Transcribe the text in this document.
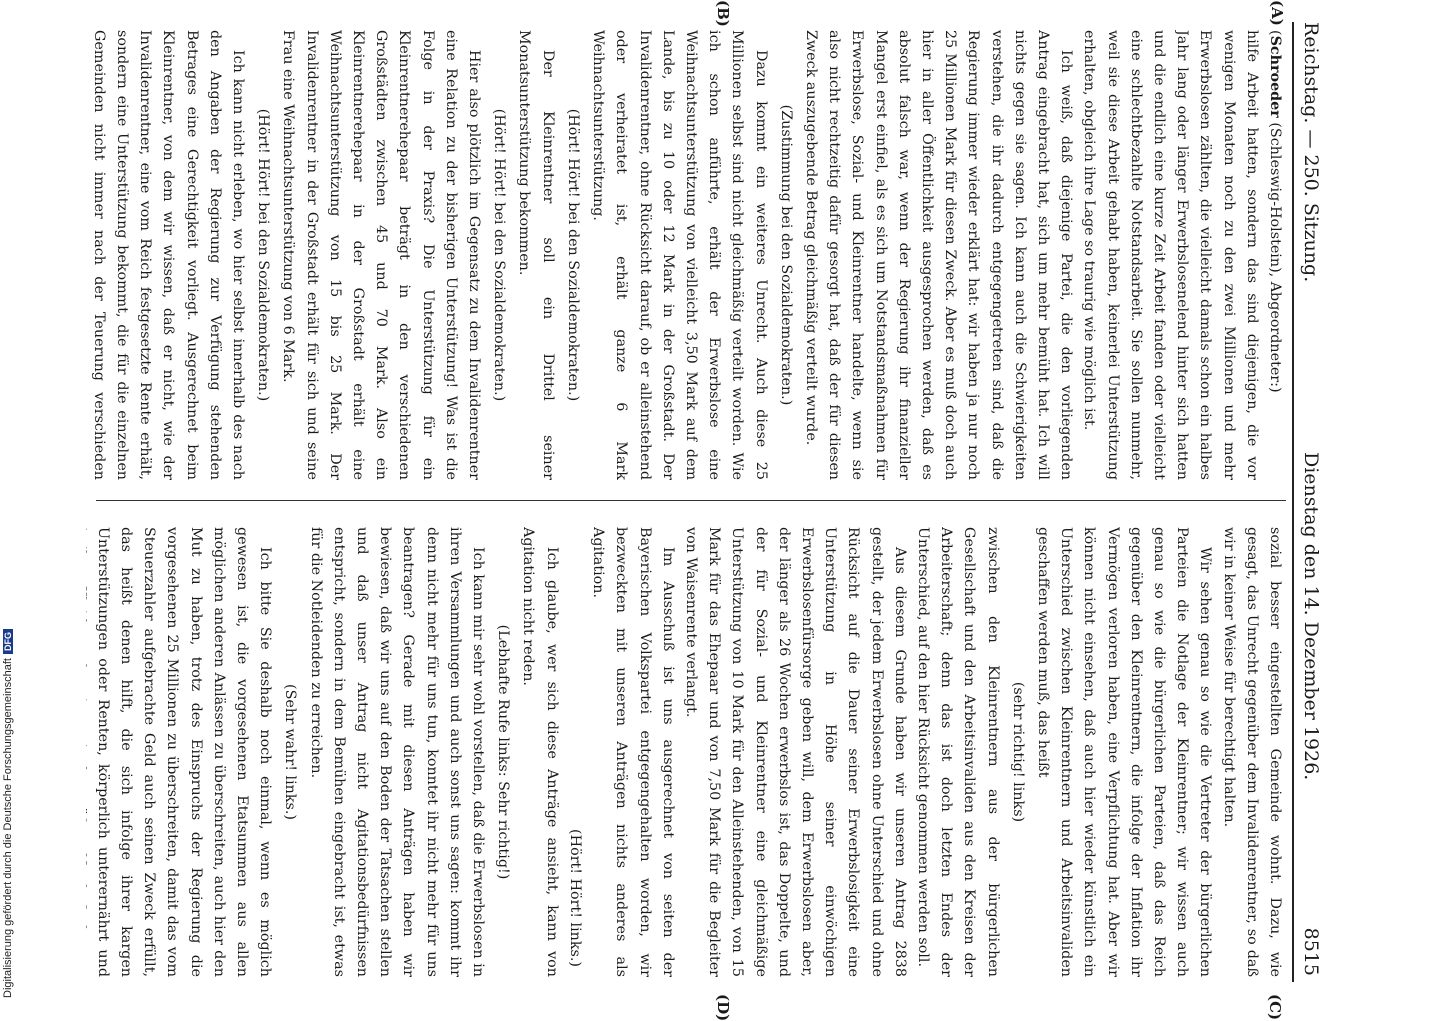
Reichstag. — 250. Sitzung.
Dienstag den 14. Dezember 1926.
8515
(A)
(B)
(C)
(D)

(Schroeder (Schleswig-Holstein), Abgeordneter:)

hilfe Arbeit hatten, sondern das sind diejenigen, die vor wenigen Monaten noch zu den zwei Millionen und mehr Erwerbslosen zählten, die vielleicht damals schon ein halbes Jahr lang oder länger Erwerbslosenelend hinter sich hatten und die endlich eine kurze Zeit Arbeit fanden oder vielleicht eine schlechtbezahlte Notstandsarbeit. Sie sollen nunmehr, weil sie diese Arbeit gehabt haben, keinerlei Unterstützung erhalten, obgleich ihre Lage so traurig wie möglich ist.

Ich weiß, daß diejenige Partei, die den vorliegenden Antrag eingebracht hat, sich um mehr bemüht hat. Ich will nichts gegen sie sagen. Ich kann auch die Schwierigkeiten verstehen, die ihr dadurch entgegengetreten sind, daß die Regierung immer wieder erklärt hat: wir haben ja nur noch 25 Millionen Mark für diesen Zweck. Aber es muß doch auch hier in aller Öffentlichkeit ausgesprochen werden, daß es absolut falsch war, wenn der Regierung ihr finanzieller Mangel erst einfiel, als es sich um Notstandsmaßnahmen für Erwerbslose, Sozial- und Kleinrentner handelte, wenn sie also nicht rechtzeitig dafür gesorgt hat, daß der für diesen Zweck auszugebende Betrag gleichmäßig verteilt wurde.

(Zustimmung bei den Sozialdemokraten.)

Dazu kommt ein weiteres Unrecht. Auch diese 25 Millionen selbst sind nicht gleichmäßig verteilt worden. Wie ich schon anführte, erhält der Erwerbslose eine Weihnachtsunterstützung von vielleicht 3,50 Mark auf dem Lande, bis zu 10 oder 12 Mark in der Großstadt. Der Invalidenrentner, ohne Rücksicht darauf, ob er alleinstehend oder verheiratet ist, erhält ganze 6 Mark Weihnachtsunterstützung.

(Hört! Hört! bei den Sozialdemokraten.)

Der Kleinrentner soll ein Drittel seiner Monatsunterstützung bekommen.

(Hört! Hört! bei den Sozialdemokraten.)

Hier also plötzlich im Gegensatz zu dem Invalidenrentner eine Relation zu der bisherigen Unterstützung! Was ist die Folge in der Praxis? Die Unterstützung für ein Kleinrentnerehepaar beträgt in den verschiedenen Großstädten zwischen 45 und 70 Mark. Also ein Kleinrentnerehepaar in der Großstadt erhält eine Weihnachtsunterstützung von 15 bis 25 Mark. Der Invalidenrentner in der Großstadt erhält für sich und seine Frau eine Weihnachtsunterstützung von 6 Mark.

(Hört! Hört! bei den Sozialdemokraten.)

Ich kann nicht erleben, wo hier selbst innerhalb des nach den Angaben der Regierung zur Verfügung stehenden Betrages eine Gerechtigkeit vorliegt. Ausgerechnet beim Kleinrentner, von dem wir wissen, daß er nicht, wie der Invalidenrentner, eine vom Reich festgesetzte Rente erhält, sondern eine Unterstützung bekommt, die für die einzelnen Gemeinden nicht immer nach der Teuerung verschieden

sozial besser eingestellten Gemeinde wohnt. Dazu, wie gesagt, das Unrecht gegenüber dem Invalidenrentner, so daß wir in keiner Weise für berechtigt halten.

Wir sehen genau so wie die Vertreter der bürgerlichen Parteien die Notlage der Kleinrentner; wir wissen auch genau so wie die bürgerlichen Parteien, daß das Reich gegenüber den Kleinrentnern, die infolge der Inflation ihr Vermögen verloren haben, eine Verpflichtung hat. Aber wir können nicht einsehen, daß auch hier wieder künstlich ein Unterschied zwischen Kleinrentnern und Arbeitsinvaliden geschaffen werden muß, das heißt

(sehr richtig! links)

zwischen den Kleinrentnern aus der bürgerlichen Gesellschaft und den Arbeitsinvaliden aus den Kreisen der Arbeiterschaft; denn das ist doch letzten Endes der Unterschied, auf den hier Rücksicht genommen werden soll.

Aus diesem Grunde haben wir unseren Antrag 2838 gestellt, der jedem Erwerbslosen ohne Unterschied und ohne Rücksicht auf die Dauer seiner Erwerbslosigkeit eine Unterstützung in Höhe seiner einwöchigen Erwerbslosenfürsorge geben will, dem Erwerbslosen aber, der länger als 26 Wochen erwerbslos ist, das Doppelte, und der für Sozial- und Kleinrentner eine gleichmäßige Unterstützung von 10 Mark für den Alleinstehenden, von 15 Mark für das Ehepaar und von 7,50 Mark für die Begleiter von Waisenrente verlangt.

Im Ausschuß ist uns ausgerechnet von seiten der Bayerischen Volkspartei entgegengehalten worden, wir bezweckten mit unseren Anträgen nichts anderes als Agitation.

(Hört! Hört! links.)

Ich glaube, wer sich diese Anträge ansieht, kann von Agitation nicht reden.

(Lebhafte Rufe links: Sehr richtig!)

Ich kann mir sehr wohl vorstellen, daß die Erwerbslosen in ihren Versammlungen und auch sonst uns sagen: kommt ihr denn nicht mehr für uns tun, konntet ihr nicht mehr für uns beantragen? Gerade mit diesen Anträgen haben wir bewiesen, daß wir uns auf den Boden der Tatsachen stellen und daß unser Antrag nicht Agitationsbedürfnissen entspricht, sondern in dem Bemühen eingebracht ist, etwas für die Notleidenden zu erreichen.

(Sehr wahr! links.)

Ich bitte Sie deshalb noch einmal, wenn es möglich gewesen ist, die vorgesehenen Etatsummen aus allen möglichen anderen Anlässen zu überschreiten, auch hier den Mut zu haben, trotz des Einspruchs der Regierung die vorgesehenen 25 Millionen zu überschreiten, damit das vom Steuerzahler aufgebrachte Geld auch seinen Zweck erfüllt, das heißt denen hilft, die sich infolge ihrer kargen Unterstützungen oder Renten, körperlich unterernährt und

Digitalisierung gefördert durch die Deutsche ForschungsgemeinschaftDFG
